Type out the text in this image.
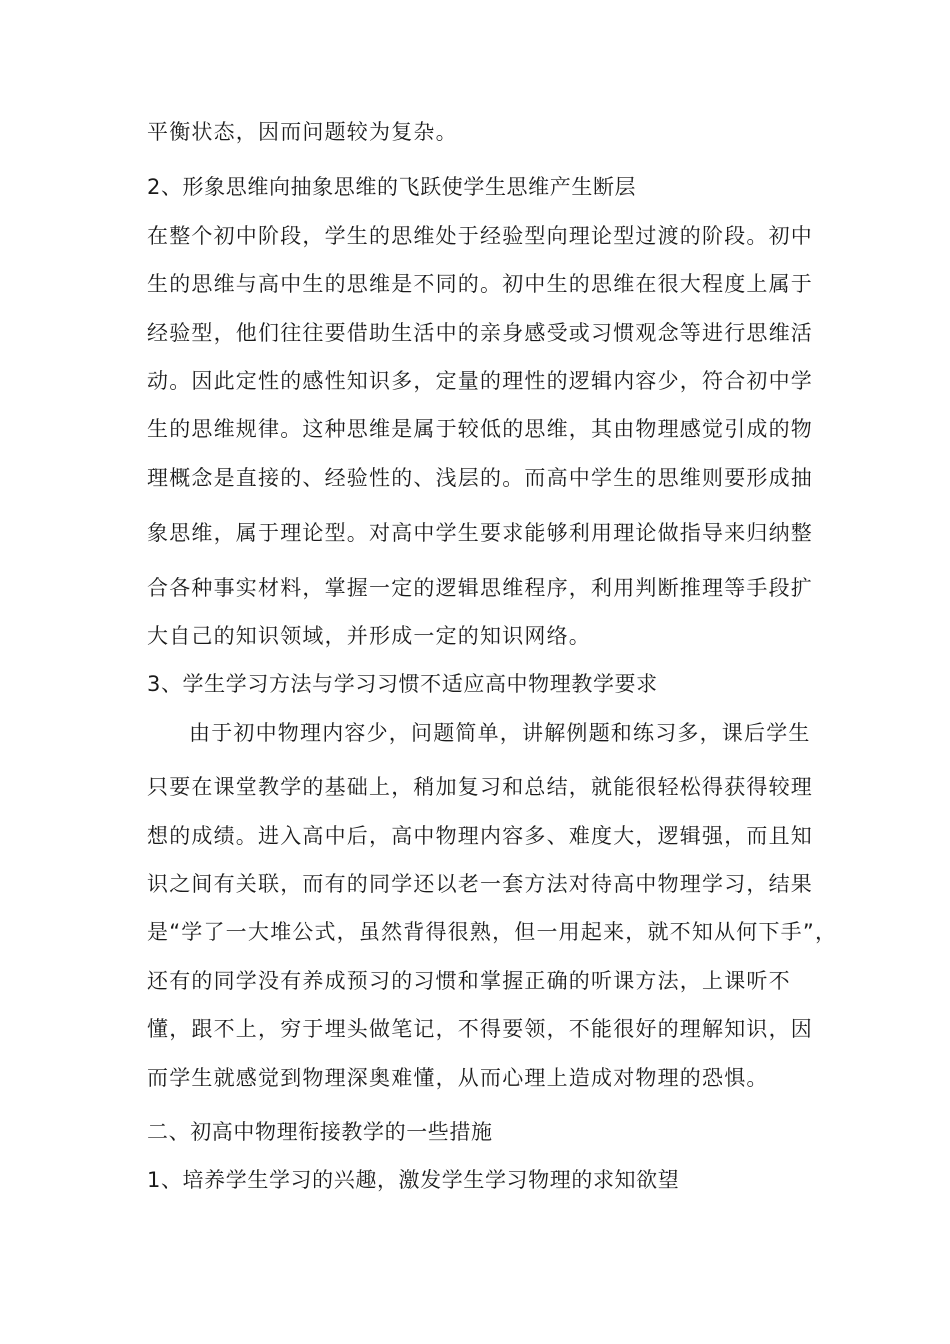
平衡状态，因而问题较为复杂。
2、形象思维向抽象思维的飞跃使学生思维产生断层
在整个初中阶段，学生的思维处于经验型向理论型过渡的阶段。初中
生的思维与高中生的思维是不同的。初中生的思维在很大程度上属于
经验型，他们往往要借助生活中的亲身感受或习惯观念等进行思维活
动。因此定性的感性知识多，定量的理性的逻辑内容少，符合初中学
生的思维规律。这种思维是属于较低的思维，其由物理感觉引成的物
理概念是直接的、经验性的、浅层的。而高中学生的思维则要形成抽
象思维，属于理论型。对高中学生要求能够利用理论做指导来归纳整
合各种事实材料，掌握一定的逻辑思维程序，利用判断推理等手段扩
大自己的知识领域，并形成一定的知识网络。
3、学生学习方法与学习习惯不适应高中物理教学要求
由于初中物理内容少，问题简单，讲解例题和练习多，课后学生
只要在课堂教学的基础上，稍加复习和总结，就能很轻松得获得较理
想的成绩。进入高中后，高中物理内容多、难度大，逻辑强，而且知
识之间有关联，而有的同学还以老一套方法对待高中物理学习，结果
是“学了一大堆公式，虽然背得很熟，但一用起来，就不知从何下手”，
还有的同学没有养成预习的习惯和掌握正确的听课方法，上课听不
懂，跟不上，穷于埋头做笔记，不得要领，不能很好的理解知识，因
而学生就感觉到物理深奥难懂，从而心理上造成对物理的恐惧。
二、初高中物理衔接教学的一些措施
1、培养学生学习的兴趣，激发学生学习物理的求知欲望
